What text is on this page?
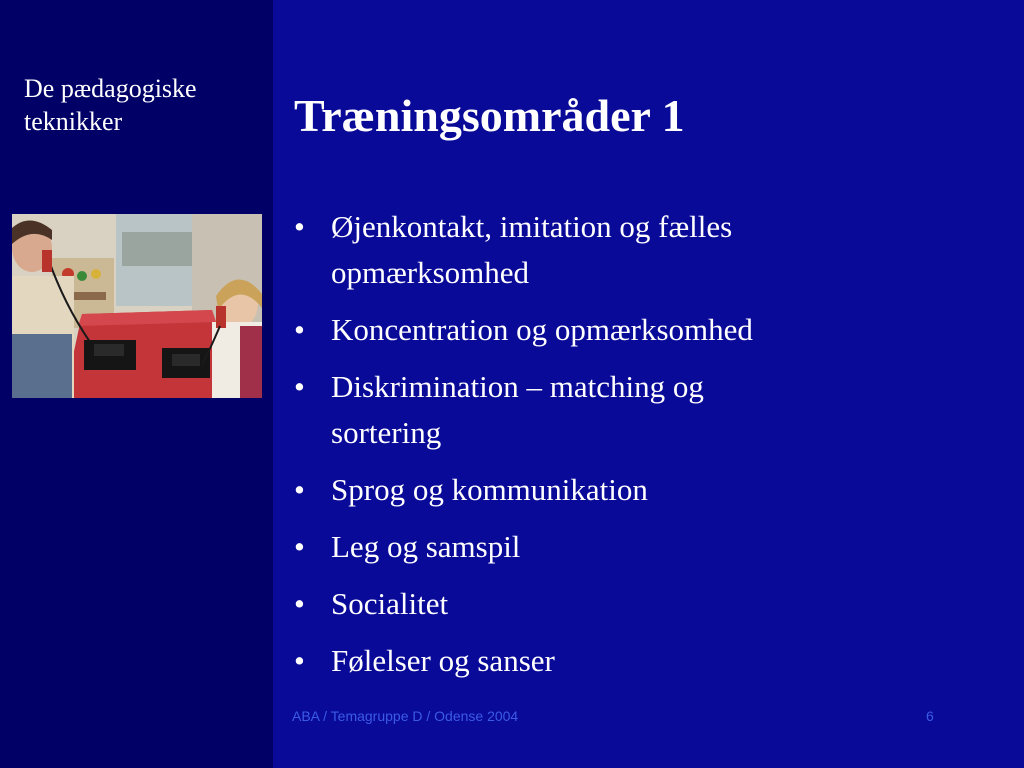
De pædagogiske
teknikker	Træningsområder 1
• Øjenkontakt, imitation og fælles
opmærksomhed
• Koncentration og opmærksomhed
• Diskrimination – matching og
sortering
• Sprog og kommunikation
• Leg og samspil
• Socialitet
• Følelser og sanser
ABA / Temagruppe D / Odense 2004	6
